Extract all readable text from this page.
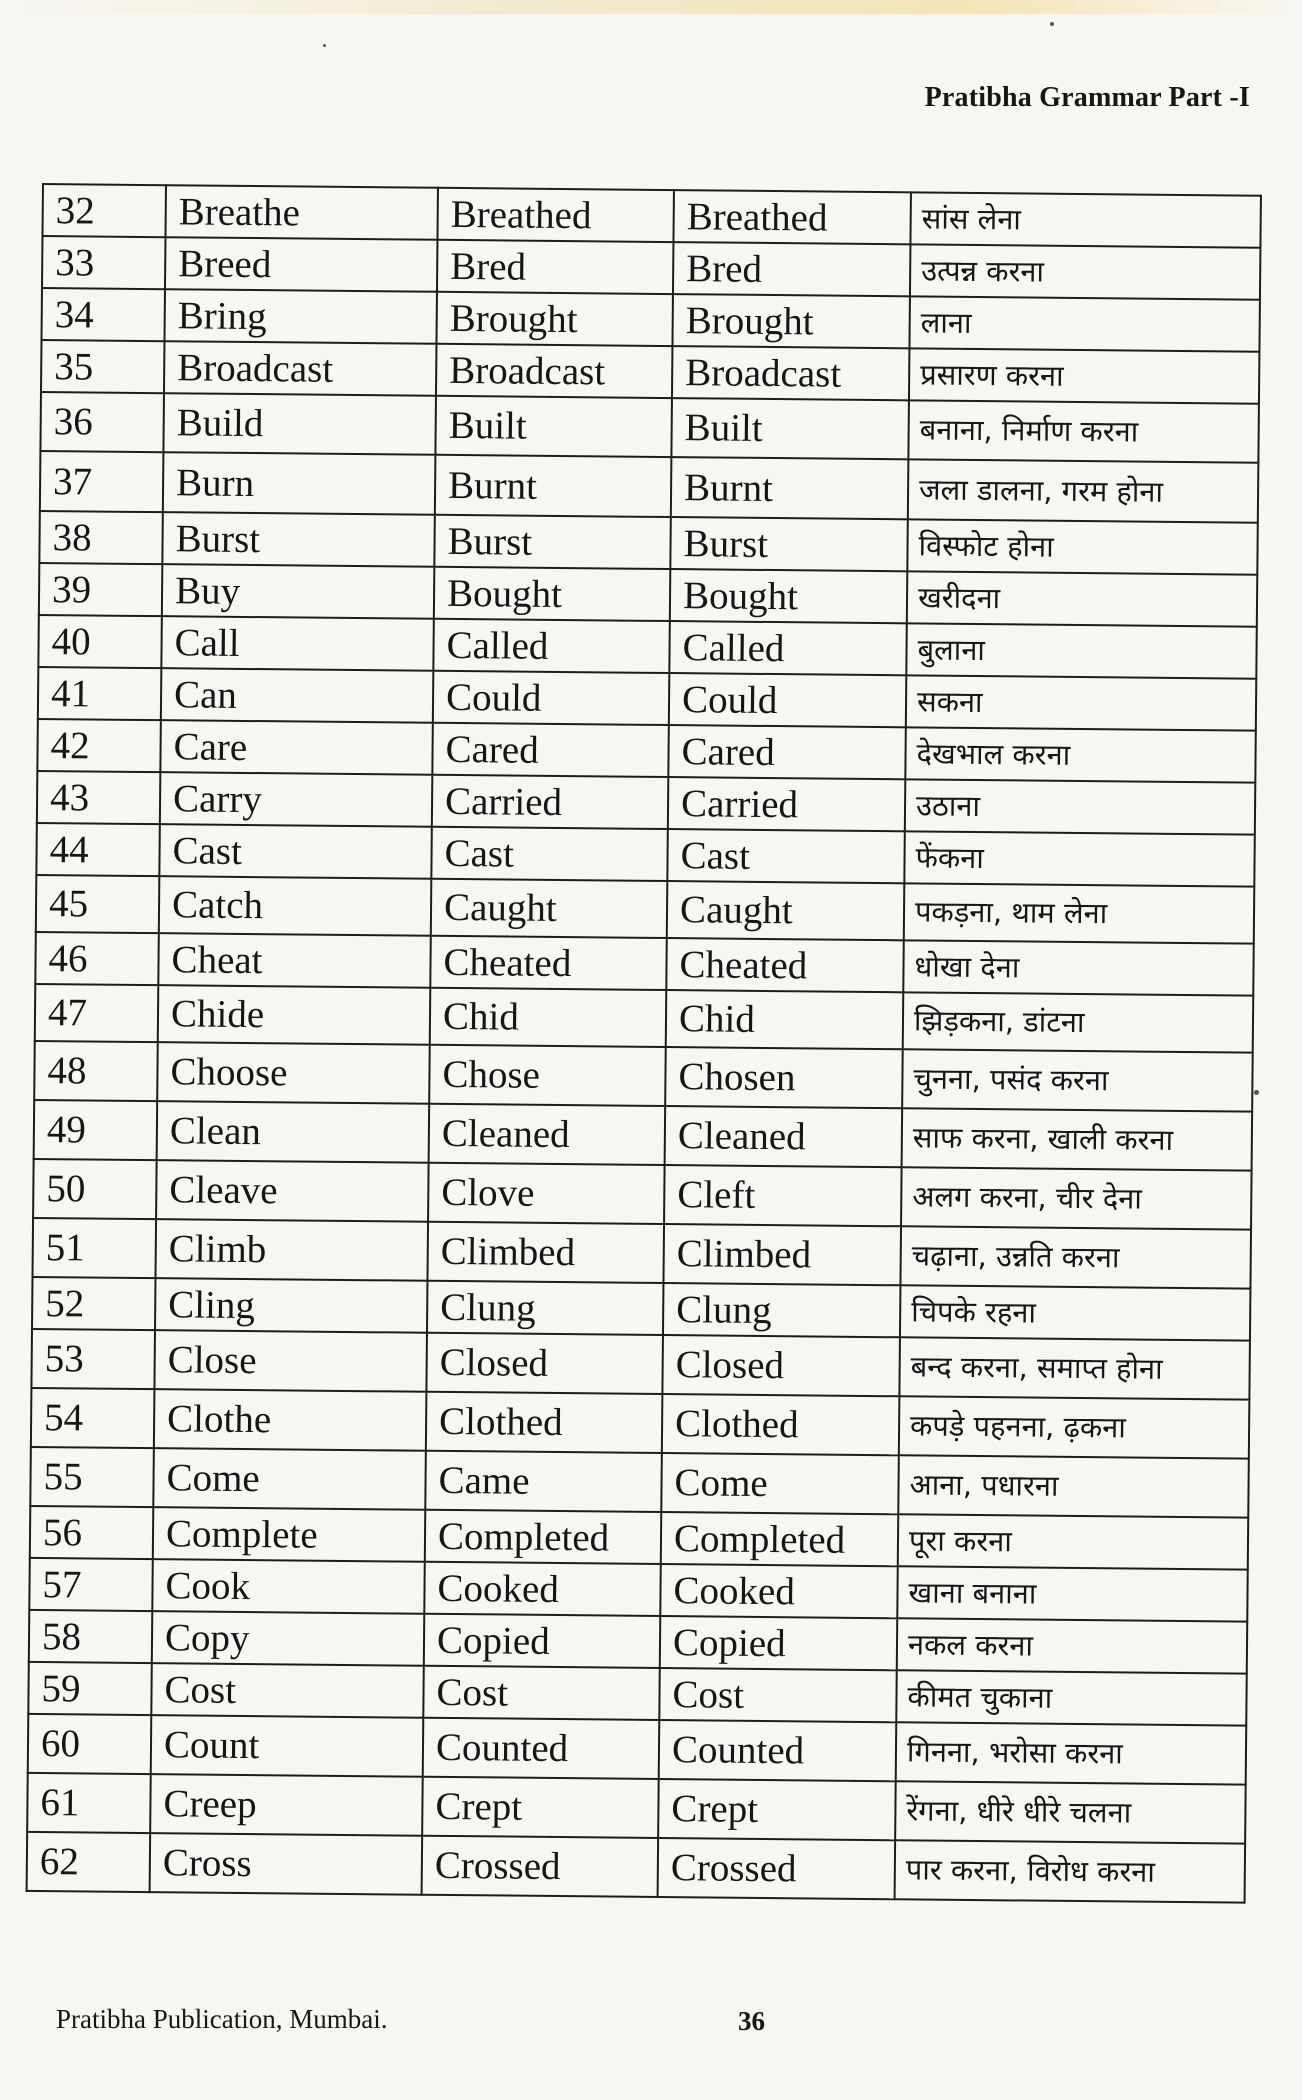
Pratibha Grammar Part -I
32	Breathe	Breathed	Breathed	सांस लेना
33	Breed	Bred	Bred	उत्पन्न करना
34	Bring	Brought	Brought	लाना
35	Broadcast	Broadcast	Broadcast	प्रसारण करना
36	Build	Built	Built	बनाना, निर्माण करना
37	Burn	Burnt	Burnt	जला डालना, गरम होना
38	Burst	Burst	Burst	विस्फोट होना
39	Buy	Bought	Bought	खरीदना
40	Call	Called	Called	बुलाना
41	Can	Could	Could	सकना
42	Care	Cared	Cared	देखभाल करना
43	Carry	Carried	Carried	उठाना
44	Cast	Cast	Cast	फेंकना
45	Catch	Caught	Caught	पकड़ना, थाम लेना
46	Cheat	Cheated	Cheated	धोखा देना
47	Chide	Chid	Chid	झिड़कना, डांटना
48	Choose	Chose	Chosen	चुनना, पसंद करना
49	Clean	Cleaned	Cleaned	साफ करना, खाली करना
50	Cleave	Clove	Cleft	अलग करना, चीर देना
51	Climb	Climbed	Climbed	चढ़ाना, उन्नति करना
52	Cling	Clung	Clung	चिपके रहना
53	Close	Closed	Closed	बन्द करना, समाप्त होना
54	Clothe	Clothed	Clothed	कपड़े पहनना, ढ़कना
55	Come	Came	Come	आना, पधारना
56	Complete	Completed	Completed	पूरा करना
57	Cook	Cooked	Cooked	खाना बनाना
58	Copy	Copied	Copied	नकल करना
59	Cost	Cost	Cost	कीमत चुकाना
60	Count	Counted	Counted	गिनना, भरोसा करना
61	Creep	Crept	Crept	रेंगना, धीरे धीरे चलना
62	Cross	Crossed	Crossed	पार करना, विरोध करना
Pratibha Publication, Mumbai.	36
